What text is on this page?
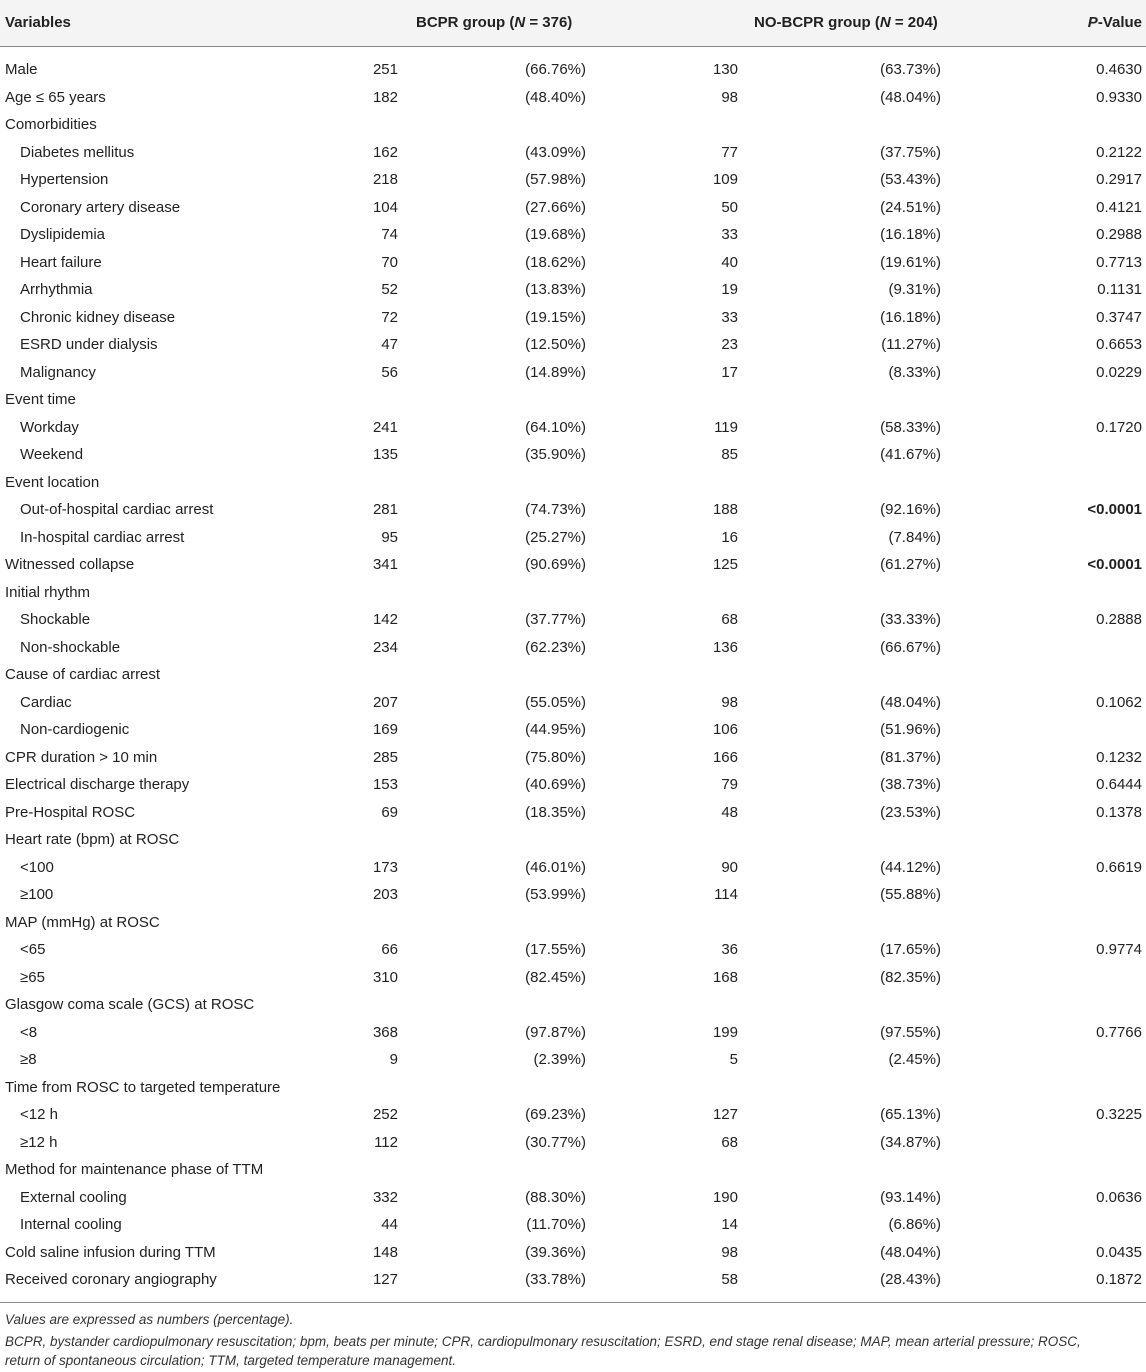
Variables	BCPR group (N = 376)	NO-BCPR group (N = 204)	P-Value
Male	251	(66.76%)	130	(63.73%)	0.4630
Age ≤ 65 years	182	(48.40%)	98	(48.04%)	0.9330
Comorbidities
Diabetes mellitus	162	(43.09%)	77	(37.75%)	0.2122
Hypertension	218	(57.98%)	109	(53.43%)	0.2917
Coronary artery disease	104	(27.66%)	50	(24.51%)	0.4121
Dyslipidemia	74	(19.68%)	33	(16.18%)	0.2988
Heart failure	70	(18.62%)	40	(19.61%)	0.7713
Arrhythmia	52	(13.83%)	19	(9.31%)	0.1131
Chronic kidney disease	72	(19.15%)	33	(16.18%)	0.3747
ESRD under dialysis	47	(12.50%)	23	(11.27%)	0.6653
Malignancy	56	(14.89%)	17	(8.33%)	0.0229
Event time
Workday	241	(64.10%)	119	(58.33%)	0.1720
Weekend	135	(35.90%)	85	(41.67%)
Event location
Out-of-hospital cardiac arrest	281	(74.73%)	188	(92.16%)	<0.0001
In-hospital cardiac arrest	95	(25.27%)	16	(7.84%)
Witnessed collapse	341	(90.69%)	125	(61.27%)	<0.0001
Initial rhythm
Shockable	142	(37.77%)	68	(33.33%)	0.2888
Non-shockable	234	(62.23%)	136	(66.67%)
Cause of cardiac arrest
Cardiac	207	(55.05%)	98	(48.04%)	0.1062
Non-cardiogenic	169	(44.95%)	106	(51.96%)
CPR duration > 10 min	285	(75.80%)	166	(81.37%)	0.1232
Electrical discharge therapy	153	(40.69%)	79	(38.73%)	0.6444
Pre-Hospital ROSC	69	(18.35%)	48	(23.53%)	0.1378
Heart rate (bpm) at ROSC
<100	173	(46.01%)	90	(44.12%)	0.6619
≥100	203	(53.99%)	114	(55.88%)
MAP (mmHg) at ROSC
<65	66	(17.55%)	36	(17.65%)	0.9774
≥65	310	(82.45%)	168	(82.35%)
Glasgow coma scale (GCS) at ROSC
<8	368	(97.87%)	199	(97.55%)	0.7766
≥8	9	(2.39%)	5	(2.45%)
Time from ROSC to targeted temperature
<12 h	252	(69.23%)	127	(65.13%)	0.3225
≥12 h	112	(30.77%)	68	(34.87%)
Method for maintenance phase of TTM
External cooling	332	(88.30%)	190	(93.14%)	0.0636
Internal cooling	44	(11.70%)	14	(6.86%)
Cold saline infusion during TTM	148	(39.36%)	98	(48.04%)	0.0435
Received coronary angiography	127	(33.78%)	58	(28.43%)	0.1872
Values are expressed as numbers (percentage).
BCPR, bystander cardiopulmonary resuscitation; bpm, beats per minute; CPR, cardiopulmonary resuscitation; ESRD, end stage renal disease; MAP, mean arterial pressure; ROSC,
return of spontaneous circulation; TTM, targeted temperature management.
